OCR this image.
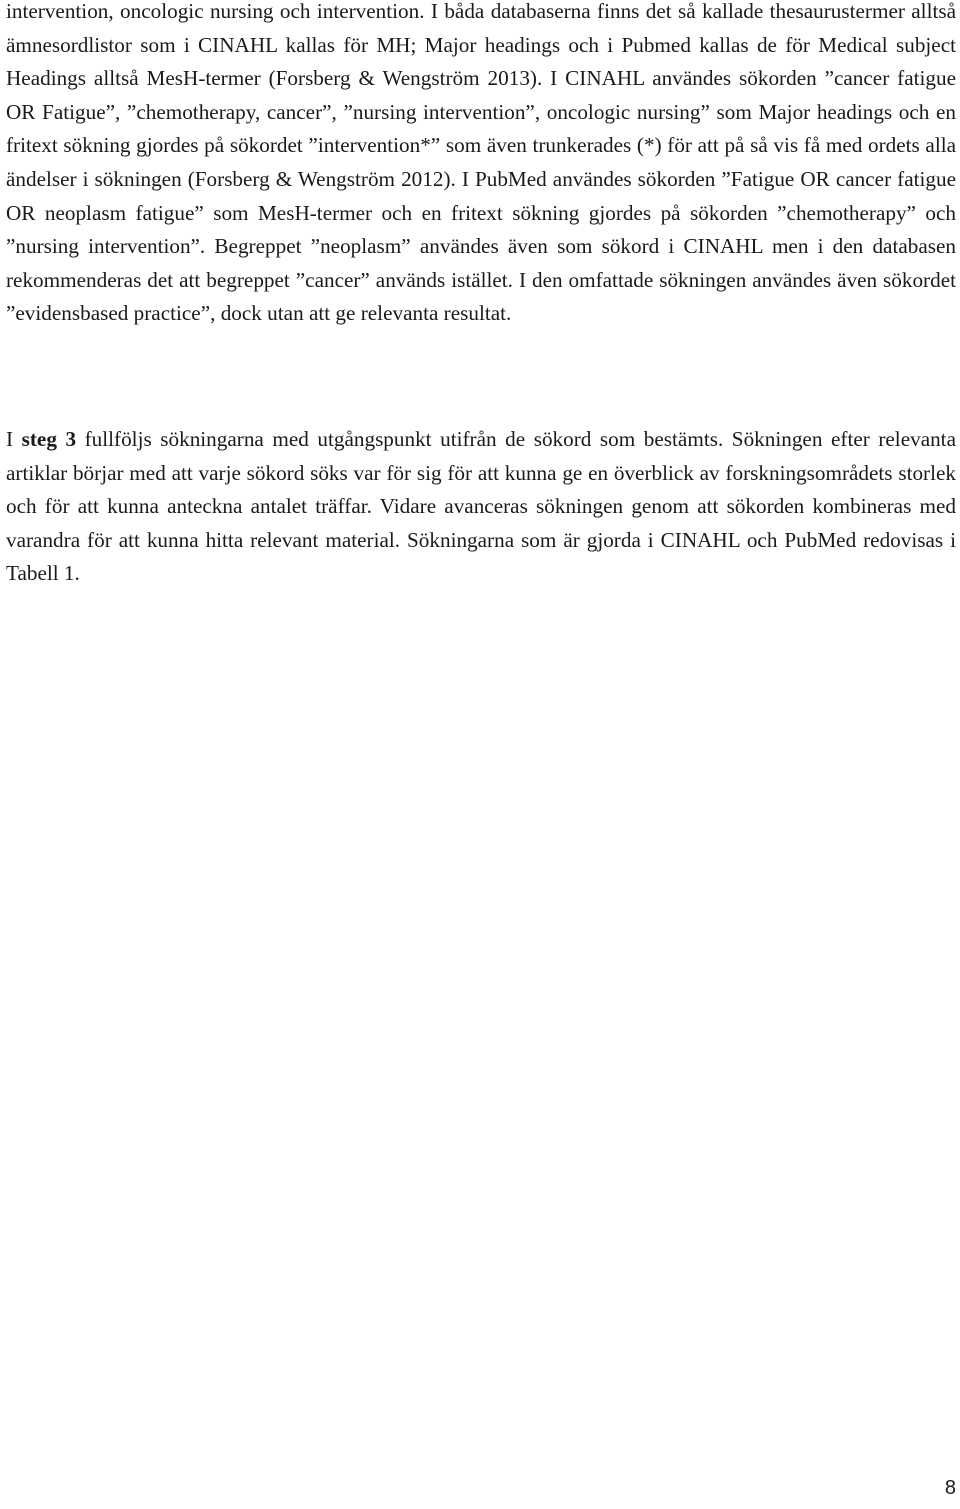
intervention, oncologic nursing och intervention. I båda databaserna finns det så kallade thesaurustermer alltså ämnesordlistor som i CINAHL kallas för MH; Major headings och i Pubmed kallas de för Medical subject Headings alltså MesH-termer (Forsberg & Wengström 2013). I CINAHL användes sökorden ”cancer fatigue OR Fatigue”, ”chemotherapy, cancer”, ”nursing intervention”, oncologic nursing” som Major headings och en fritext sökning gjordes på sökordet ”intervention*” som även trunkerades (*) för att på så vis få med ordets alla ändelser i sökningen (Forsberg & Wengström 2012). I PubMed användes sökorden ”Fatigue OR cancer fatigue OR neoplasm fatigue” som MesH-termer och en fritext sökning gjordes på sökorden ”chemotherapy” och ”nursing intervention”. Begreppet ”neoplasm” användes även som sökord i CINAHL men i den databasen rekommenderas det att begreppet ”cancer” används istället. I den omfattade sökningen användes även sökordet ”evidensbased practice”, dock utan att ge relevanta resultat.

I steg 3 fullföljs sökningarna med utgångspunkt utifrån de sökord som bestämts. Sökningen efter relevanta artiklar börjar med att varje sökord söks var för sig för att kunna ge en överblick av forskningsområdets storlek och för att kunna anteckna antalet träffar. Vidare avanceras sökningen genom att sökorden kombineras med varandra för att kunna hitta relevant material. Sökningarna som är gjorda i CINAHL och PubMed redovisas i Tabell 1.

8
